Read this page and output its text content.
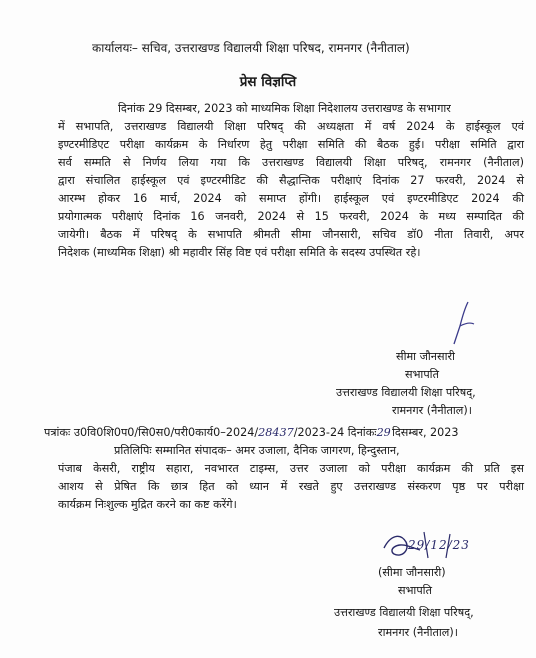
कार्यालयः– सचिव, उत्तराखण्ड विद्यालयी शिक्षा परिषद, रामनगर (नैनीताल)
प्रेस विज्ञप्ति
दिनांक 29 दिसम्बर, 2023 को माध्यमिक शिक्षा निदेशालय उत्तराखण्ड के सभागार
में सभापति, उत्तराखण्ड विद्यालयी शिक्षा परिषद् की अध्यक्षता में वर्ष 2024 के हाईस्कूल एवं
इण्टरमीडिएट परीक्षा कार्यक्रम के निर्धारण हेतु परीक्षा समिति की बैठक हुई। परीक्षा समिति द्वारा
सर्व सम्मति से निर्णय लिया गया कि उत्तराखण्ड विद्यालयी शिक्षा परिषद्, रामनगर (नैनीताल)
द्वारा संचालित हाईस्कूल एवं इण्टरमीडिट की सैद्धान्तिक परीक्षाएं दिनांक 27 फरवरी, 2024 से
आरम्भ होकर 16 मार्च, 2024 को समाप्त होंगी। हाईस्कूल एवं इण्टरमीडिएट 2024 की
प्रयोगात्मक परीक्षाएं दिनांक 16 जनवरी, 2024 से 15 फरवरी, 2024 के मध्य सम्पादित की
जायेगी। बैठक में परिषद् के सभापति श्रीमती सीमा जौनसारी, सचिव डॉ0 नीता तिवारी, अपर
निदेशक (माध्यमिक शिक्षा) श्री महावीर सिंह विष्ट एवं परीक्षा समिति के सदस्य उपस्थित रहे।
सीमा जौनसारी
सभापति
उत्तराखण्ड विद्यालयी शिक्षा परिषद्,
रामनगर (नैनीताल)।
पत्रांकः उ0वि0शि0प0/सि0स0/परी0कार्य0–2024/28437/2023-24 दिनांकः29 दिसम्बर, 2023
प्रतिलिपिः सम्मानित संपादक– अमर उजाला, दैनिक जागरण, हिन्दुस्तान,
पंजाब केसरी, राष्ट्रीय सहारा, नवभारत टाइम्स, उत्तर उजाला को परीक्षा कार्यक्रम की प्रति इस
आशय से प्रेषित कि छात्र हित को ध्यान में रखते हुए उत्तराखण्ड संस्करण पृष्ठ पर परीक्षा
कार्यक्रम निःशुल्क मुद्रित करने का कष्ट करेंगे।
29/12/23
(सीमा जौनसारी)
सभापति
उत्तराखण्ड विद्यालयी शिक्षा परिषद्,
रामनगर (नैनीताल)।
